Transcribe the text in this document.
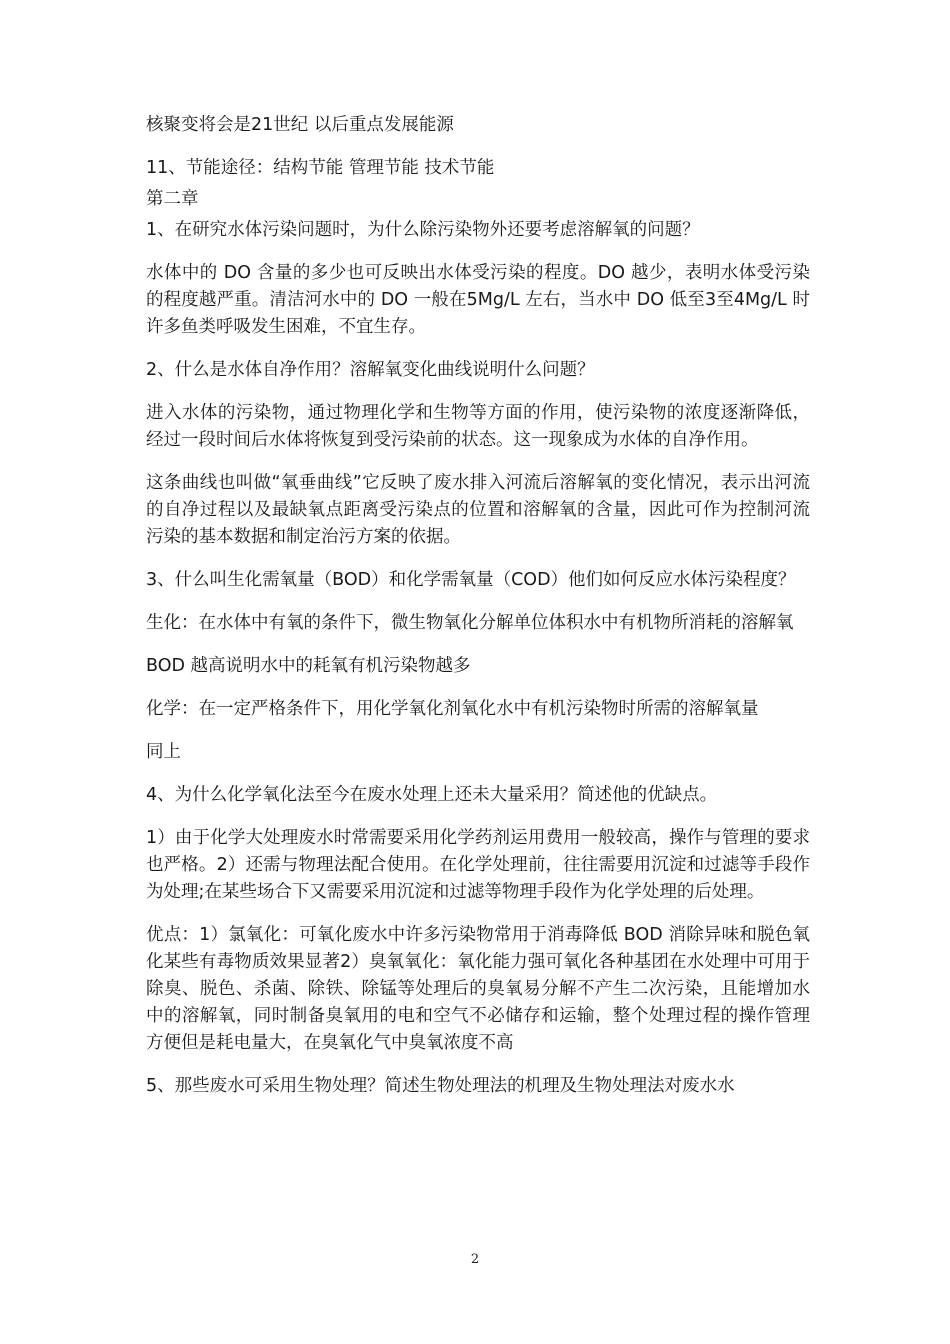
核聚变将会是21世纪 以后重点发展能源

11、节能途径：结构节能 管理节能 技术节能

第二章

1、在研究水体污染问题时，为什么除污染物外还要考虑溶解氧的问题？

水体中的 DO 含量的多少也可反映出水体受污染的程度。DO 越少，表明水体受污染的程度越严重。清洁河水中的 DO 一般在5Mg/L 左右，当水中 DO 低至3至4Mg/L 时许多鱼类呼吸发生困难，不宜生存。

2、什么是水体自净作用？溶解氧变化曲线说明什么问题？

进入水体的污染物，通过物理化学和生物等方面的作用，使污染物的浓度逐渐降低，经过一段时间后水体将恢复到受污染前的状态。这一现象成为水体的自净作用。

这条曲线也叫做“氧垂曲线”它反映了废水排入河流后溶解氧的变化情况，表示出河流的自净过程以及最缺氧点距离受污染点的位置和溶解氧的含量，因此可作为控制河流污染的基本数据和制定治污方案的依据。

3、什么叫生化需氧量（BOD）和化学需氧量（COD）他们如何反应水体污染程度？

生化：在水体中有氧的条件下，微生物氧化分解单位体积水中有机物所消耗的溶解氧

BOD 越高说明水中的耗氧有机污染物越多

化学：在一定严格条件下，用化学氧化剂氧化水中有机污染物时所需的溶解氧量

同上

4、为什么化学氧化法至今在废水处理上还未大量采用？简述他的优缺点。

1）由于化学大处理废水时常需要采用化学药剂运用费用一般较高，操作与管理的要求也严格。2）还需与物理法配合使用。在化学处理前，往往需要用沉淀和过滤等手段作为处理;在某些场合下又需要采用沉淀和过滤等物理手段作为化学处理的后处理。

优点：1）氯氧化：可氧化废水中许多污染物常用于消毒降低 BOD 消除异味和脱色氧化某些有毒物质效果显著2）臭氧氧化：氧化能力强可氧化各种基团在水处理中可用于除臭、脱色、杀菌、除铁、除锰等处理后的臭氧易分解不产生二次污染，且能增加水中的溶解氧，同时制备臭氧用的电和空气不必储存和运输，整个处理过程的操作管理方便但是耗电量大，在臭氧化气中臭氧浓度不高

5、那些废水可采用生物处理？简述生物处理法的机理及生物处理法对废水水

2
